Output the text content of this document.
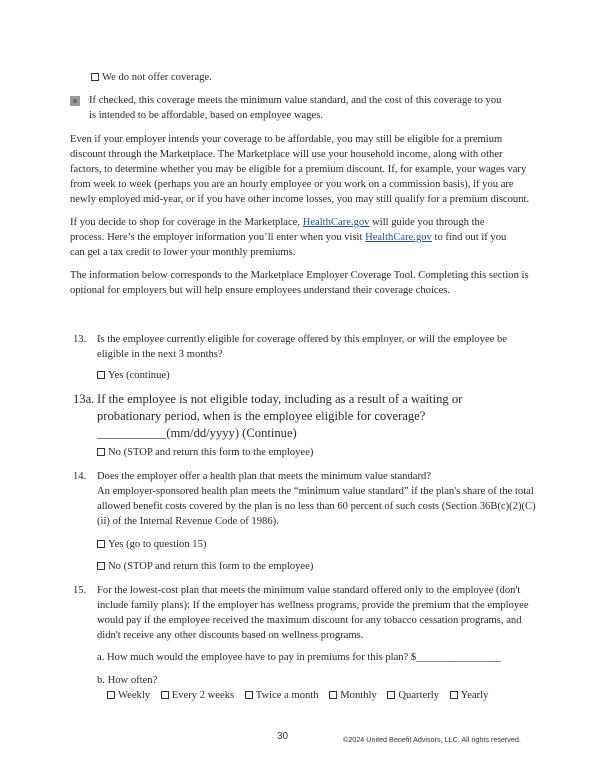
We do not offer coverage.

If checked, this coverage meets the minimum value standard, and the cost of this coverage to you is intended to be affordable, based on employee wages.

Even if your employer intends your coverage to be affordable, you may still be eligible for a premium discount through the Marketplace. The Marketplace will use your household income, along with other factors, to determine whether you may be eligible for a premium discount. If, for example, your wages vary from week to week (perhaps you are an hourly employee or you work on a commission basis), if you are newly employed mid-year, or if you have other income losses, you may still qualify for a premium discount.

If you decide to shop for coverage in the Marketplace, HealthCare.gov will guide you through the process. Here’s the employer information you’ll enter when you visit HealthCare.gov to find out if you can get a tax credit to lower your monthly premiums.

The information below corresponds to the Marketplace Employer Coverage Tool. Completing this section is optional for employers but will help ensure employees understand their coverage choices.

13. Is the employee currently eligible for coverage offered by this employer, or will the employee be eligible in the next 3 months?

Yes (continue)
13a. If the employee is not eligible today, including as a result of a waiting or probationary period, when is the employee eligible for coverage? ___________(mm/dd/yyyy) (Continue)

No (STOP and return this form to the employee)
14. Does the employer offer a health plan that meets the minimum value standard?

An employer-sponsored health plan meets the “minimum value standard” if the plan's share of the total allowed benefit costs covered by the plan is no less than 60 percent of such costs (Section 36B(c)(2)(C)(ii) of the Internal Revenue Code of 1986).

Yes (go to question 15)
No (STOP and return this form to the employee)
15. For the lowest-cost plan that meets the minimum value standard offered only to the employee (don't include family plans): If the employer has wellness programs, provide the premium that the employee would pay if the employee received the maximum discount for any tobacco cessation programs, and didn't receive any other discounts based on wellness programs.

a. How much would the employee have to pay in premiums for this plan? $________________
b. How often?
Weekly Every 2 weeks Twice a month Monthly Quarterly Yearly
30	©2024 United Benefit Advisors, LLC. All rights reserved.
